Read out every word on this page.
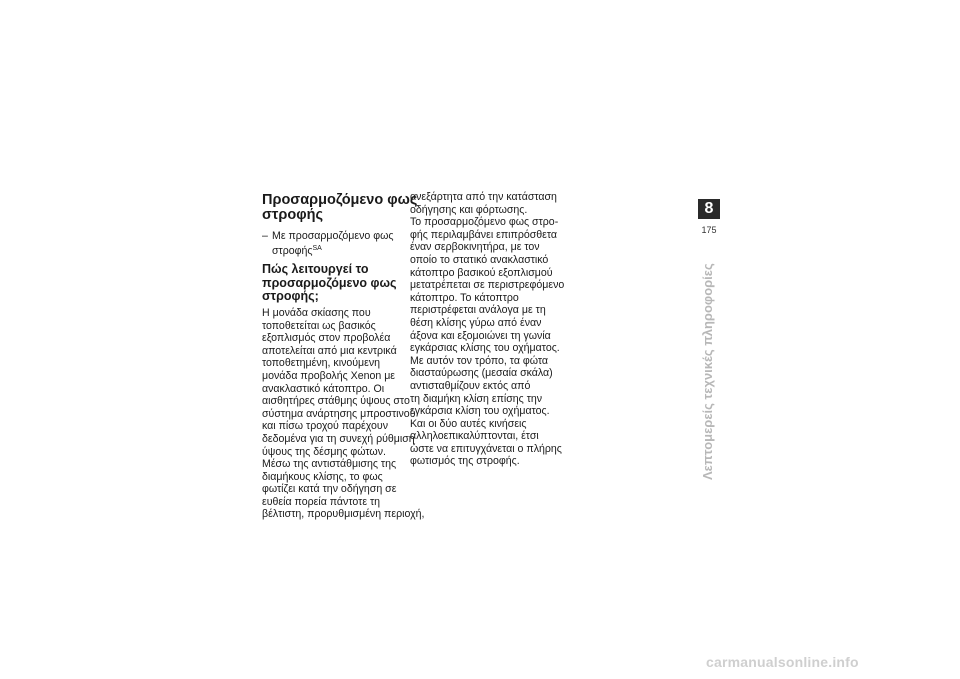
Προσαρμοζόμενο φως
στροφής
– Με προσαρμοζόμενο φως
στροφής$^{SA}$
Πώς λειτουργεί το
προσαρμοζόμενο φως
στροφής;
Η μονάδα σκίασης που
τοποθετείται ως βασικός
εξοπλισμός στον προβολέα
αποτελείται από μια κεντρικά
τοποθετημένη, κινούμενη
μονάδα προβολής Xenon με
ανακλαστικό κάτοπτρο. Οι
αισθητήρες στάθμης ύψους στο
σύστημα ανάρτησης μπροστινού
και πίσω τροχού παρέχουν
δεδομένα για τη συνεχή ρύθμιση
ύψους της δέσμης φώτων.
Μέσω της αντιστάθμισης της
διαμήκους κλίσης, το φως
φωτίζει κατά την οδήγηση σε
ευθεία πορεία πάντοτε τη
βέλτιστη, προρυθμισμένη περιοχή,
ανεξάρτητα από την κατάσταση
οδήγησης και φόρτωσης.
Το προσαρμοζόμενο φως στρο-
φής περιλαμβάνει επιπρόσθετα
έναν σερβοκινητήρα, με τον
οποίο το στατικό ανακλαστικό
κάτοπτρο βασικού εξοπλισμού
μετατρέπεται σε περιστρεφόμενο
κάτοπτρο. Το κάτοπτρο
περιστρέφεται ανάλογα με τη
θέση κλίσης γύρω από έναν
άξονα και εξομοιώνει τη γωνία
εγκάρσιας κλίσης του οχήματος.
Με αυτόν τον τρόπο, τα φώτα
διασταύρωσης (μεσαία σκάλα)
αντισταθμίζουν εκτός από
τη διαμήκη κλίση επίσης την
εγκάρσια κλίση του οχήματος.
Και οι δύο αυτές κινήσεις
αλληλοεπικαλύπτονται, έτσι
ώστε να επιτυγχάνεται ο πλήρης
φωτισμός της στροφής.
8
175
Λεπτομερείς τεχνικές πληροφορίες
carmanualsonline.info
